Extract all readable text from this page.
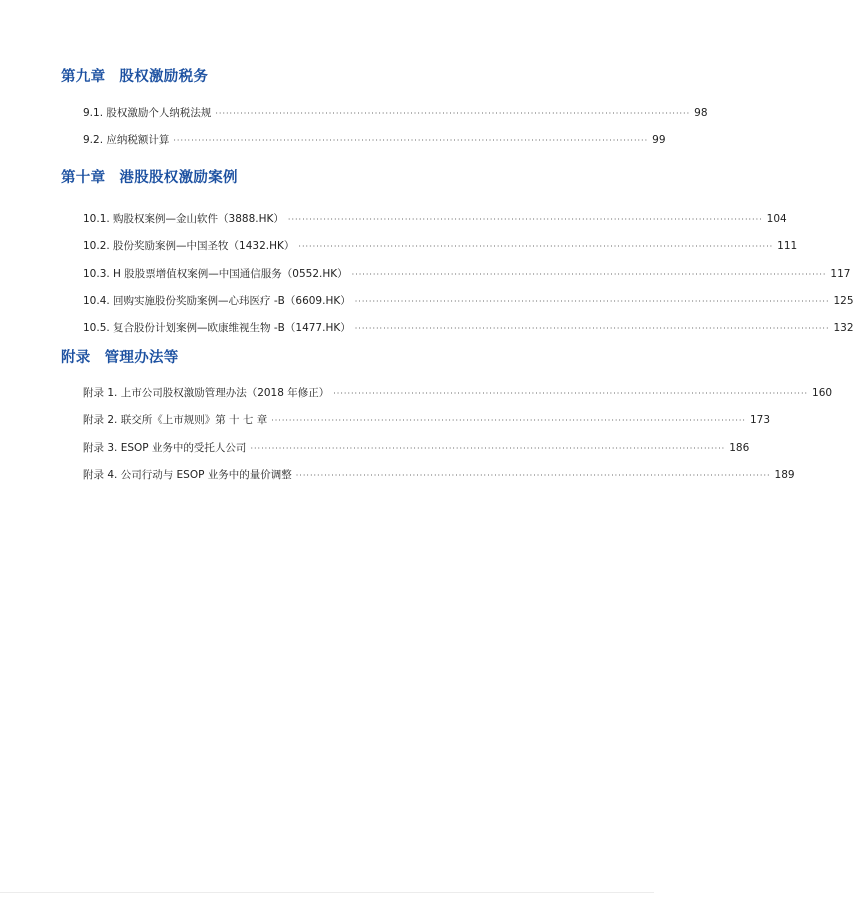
第九章 股权激励税务
9.1. 股权激励个人纳税法规 ·····	98
9.2. 应纳税额计算 ·····	99
第十章 港股股权激励案例
10.1. 购股权案例—金山软件（3888.HK） ·····	104
10.2. 股份奖励案例—中国圣牧（1432.HK） ·····	111
10.3. H 股股票增值权案例—中国通信服务（0552.HK） ·····	117
10.4. 回购实施股份奖励案例—心玮医疗 -B（6609.HK） ·····	125
10.5. 复合股份计划案例—欧康维视生物 -B（1477.HK） ·····	132
附录 管理办法等
附录 1. 上市公司股权激励管理办法（2018 年修正） ·····	160
附录 2. 联交所《上市规则》第 十 七 章 ·····	173
附录 3. ESOP 业务中的受托人公司 ·····	186
附录 4. 公司行动与 ESOP 业务中的量价调整 ·····	189
